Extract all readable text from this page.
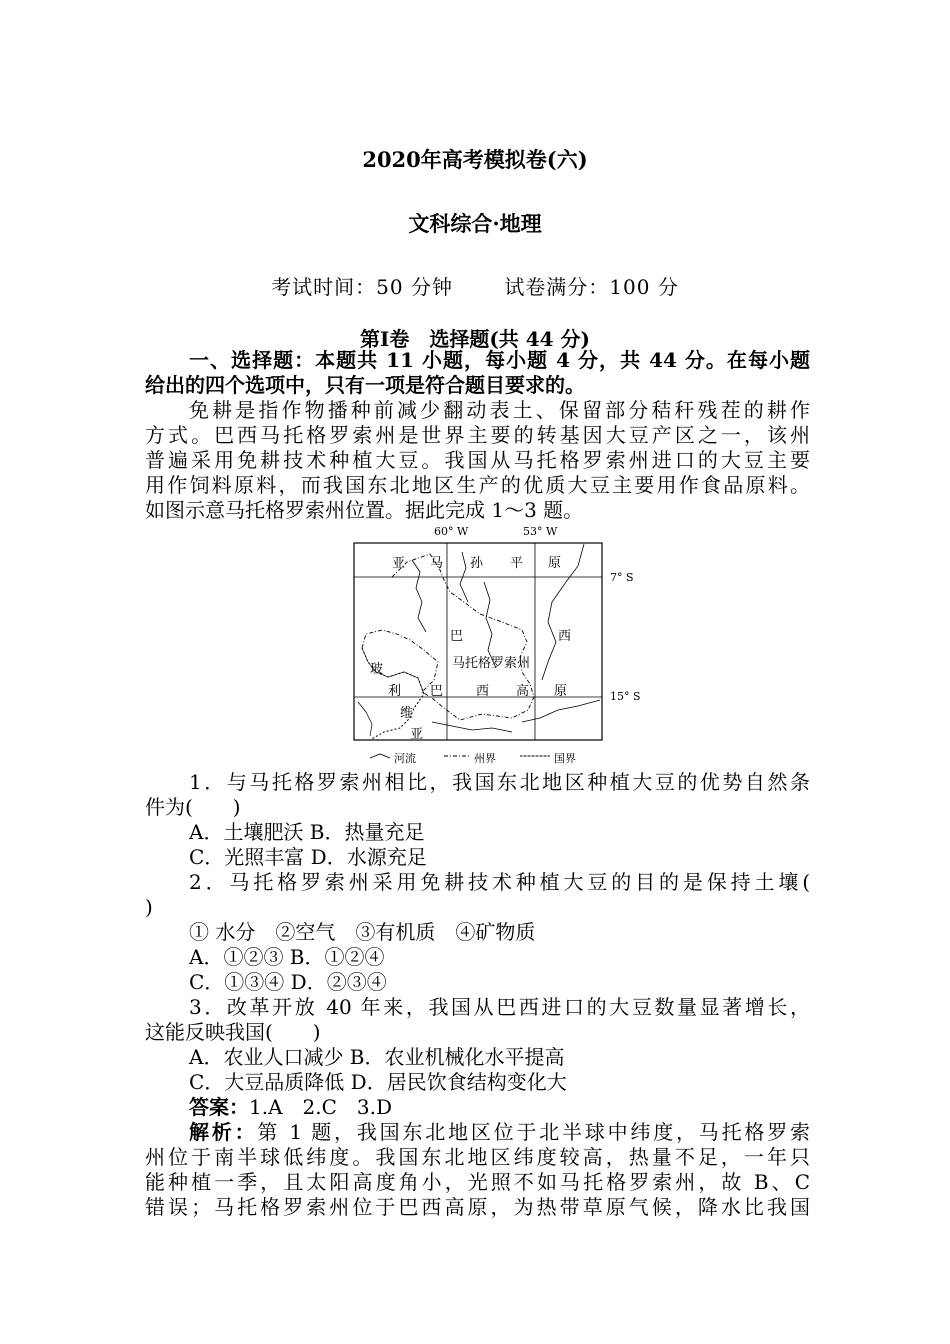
2020年高考模拟卷(六)
文科综合·地理
考试时间：50 分钟	试卷满分：100 分
第Ⅰ卷　选择题(共 44 分)
一、选择题：本题共 11 小题，每小题 4 分，共 44 分。在每小题
给出的四个选项中，只有一项是符合题目要求的。
免耕是指作物播种前减少翻动表土、保留部分秸秆残茬的耕作
方式。巴西马托格罗索州是世界主要的转基因大豆产区之一，该州
普遍采用免耕技术种植大豆。我国从马托格罗索州进口的大豆主要
用作饲料原料，而我国东北地区生产的优质大豆主要用作食品原料。
如图示意马托格罗索州位置。据此完成 1～3 题。
60° W	53° W
7° S
15° S
亚 马 孙 平 原
巴	西
玻
利 巴	西 高 原
维
亚
马托格罗索州
河流	州界	国界
1．与马托格罗索州相比，我国东北地区种植大豆的优势自然条
件为(　　)
A．土壤肥沃 B．热量充足
C．光照丰富 D．水源充足
2．马托格罗索州采用免耕技术种植大豆的目的是保持土壤(
)
① 水分　②空气　③有机质　④矿物质
A．①②③ B．①②④
C．①③④ D．②③④
3．改革开放 40 年来，我国从巴西进口的大豆数量显著增长，
这能反映我国(　　)
A．农业人口减少 B．农业机械化水平提高
C．大豆品质降低 D．居民饮食结构变化大
答案：1.A　2.C　3.D
解析：第 1 题，我国东北地区位于北半球中纬度，马托格罗索
州位于南半球低纬度。我国东北地区纬度较高，热量不足，一年只
能种植一季，且太阳高度角小，光照不如马托格罗索州，故 B、C
错误；马托格罗索州位于巴西高原，为热带草原气候，降水比我国
